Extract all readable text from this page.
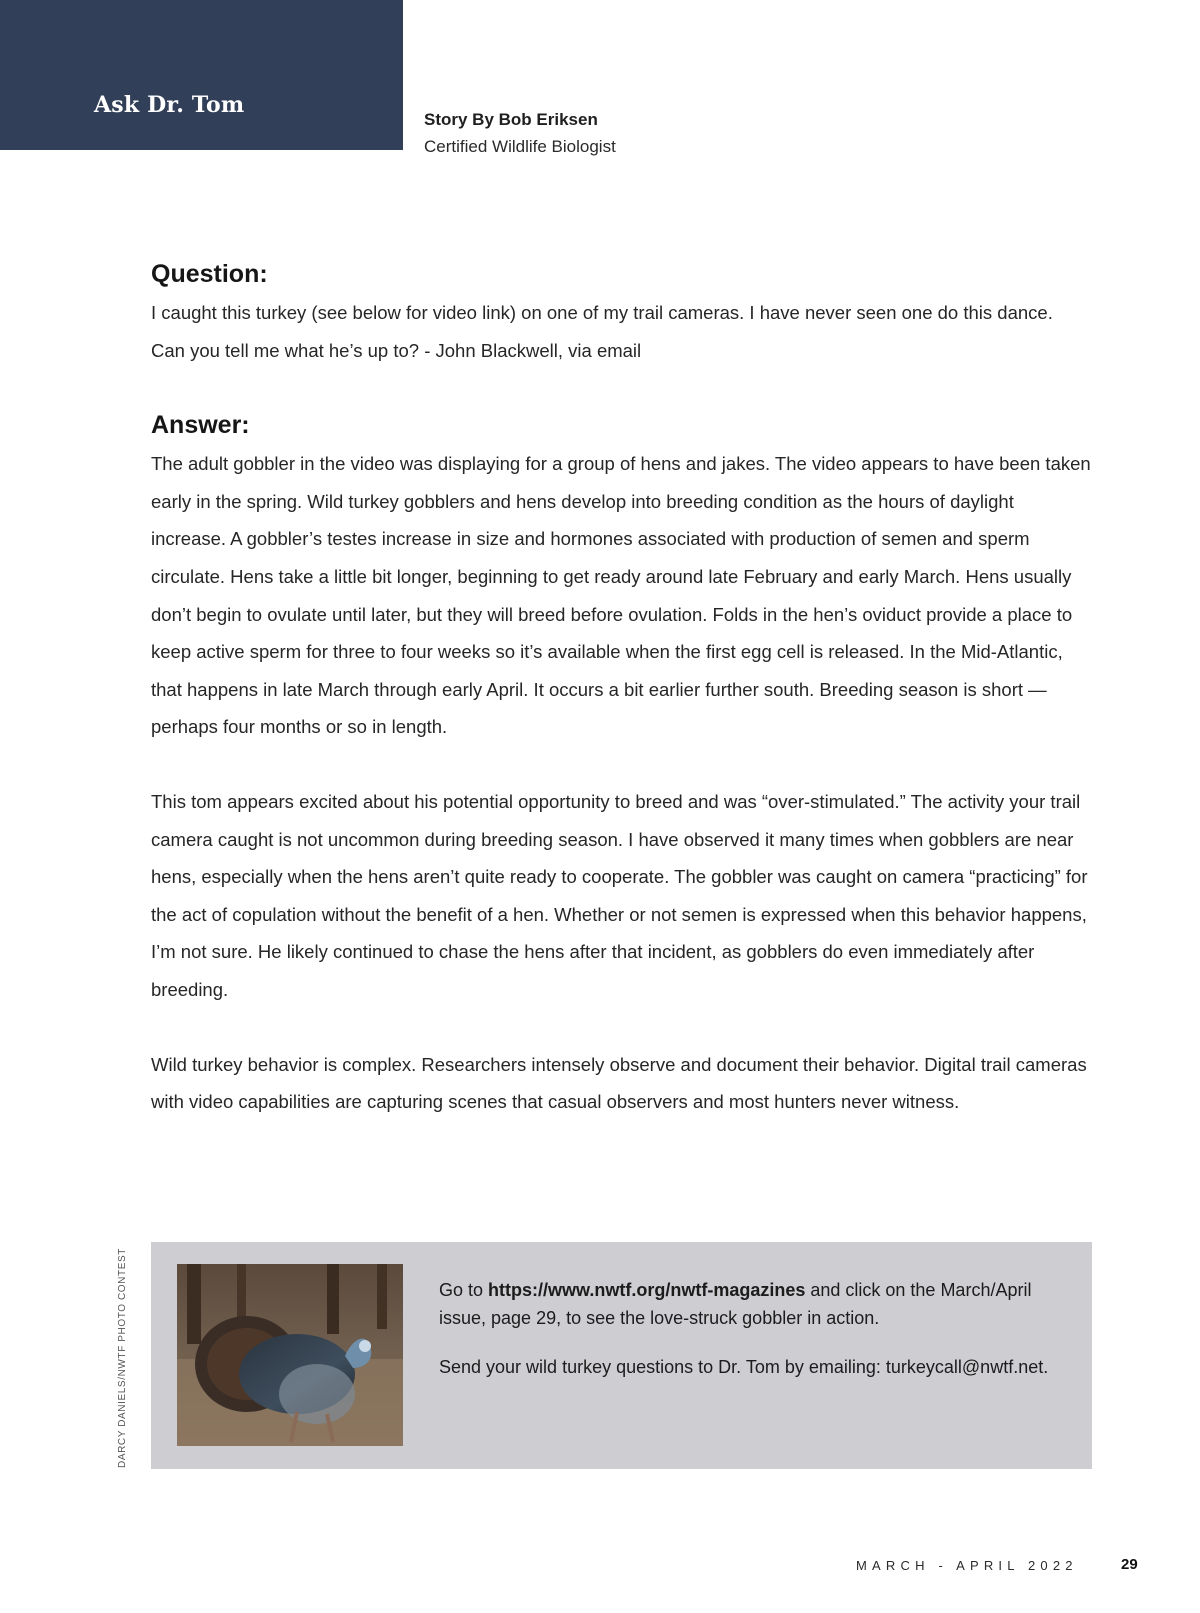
Ask Dr. Tom
Story By Bob Eriksen
Certified Wildlife Biologist
Question:

I caught this turkey (see below for video link) on one of my trail cameras. I have never seen one do this dance. Can you tell me what he’s up to? - John Blackwell, via email

Answer:

The adult gobbler in the video was displaying for a group of hens and jakes. The video appears to have been taken early in the spring. Wild turkey gobblers and hens develop into breeding condition as the hours of daylight increase. A gobbler’s testes increase in size and hormones associated with production of semen and sperm circulate. Hens take a little bit longer, beginning to get ready around late February and early March. Hens usually don’t begin to ovulate until later, but they will breed before ovulation. Folds in the hen’s oviduct provide a place to keep active sperm for three to four weeks so it’s available when the first egg cell is released. In the Mid-Atlantic, that happens in late March through early April. It occurs a bit earlier further south. Breeding season is short — perhaps four months or so in length.

This tom appears excited about his potential opportunity to breed and was “over-stimulated.” The activity your trail camera caught is not uncommon during breeding season. I have observed it many times when gobblers are near hens, especially when the hens aren’t quite ready to cooperate. The gobbler was caught on camera “practicing” for the act of copulation without the benefit of a hen. Whether or not semen is expressed when this behavior happens, I’m not sure. He likely continued to chase the hens after that incident, as gobblers do even immediately after breeding.

Wild turkey behavior is complex. Researchers intensely observe and document their behavior. Digital trail cameras with video capabilities are capturing scenes that casual observers and most hunters never witness.

DARCY DANIELS/NWTF PHOTO CONTEST	Go to https://www.nwtf.org/nwtf-magazines and click on the March/April issue, page 29, to see the love-struck gobbler in action.

Send your wild turkey questions to Dr. Tom by emailing: turkeycall@nwtf.net.

MARCH - APRIL 2022	29
